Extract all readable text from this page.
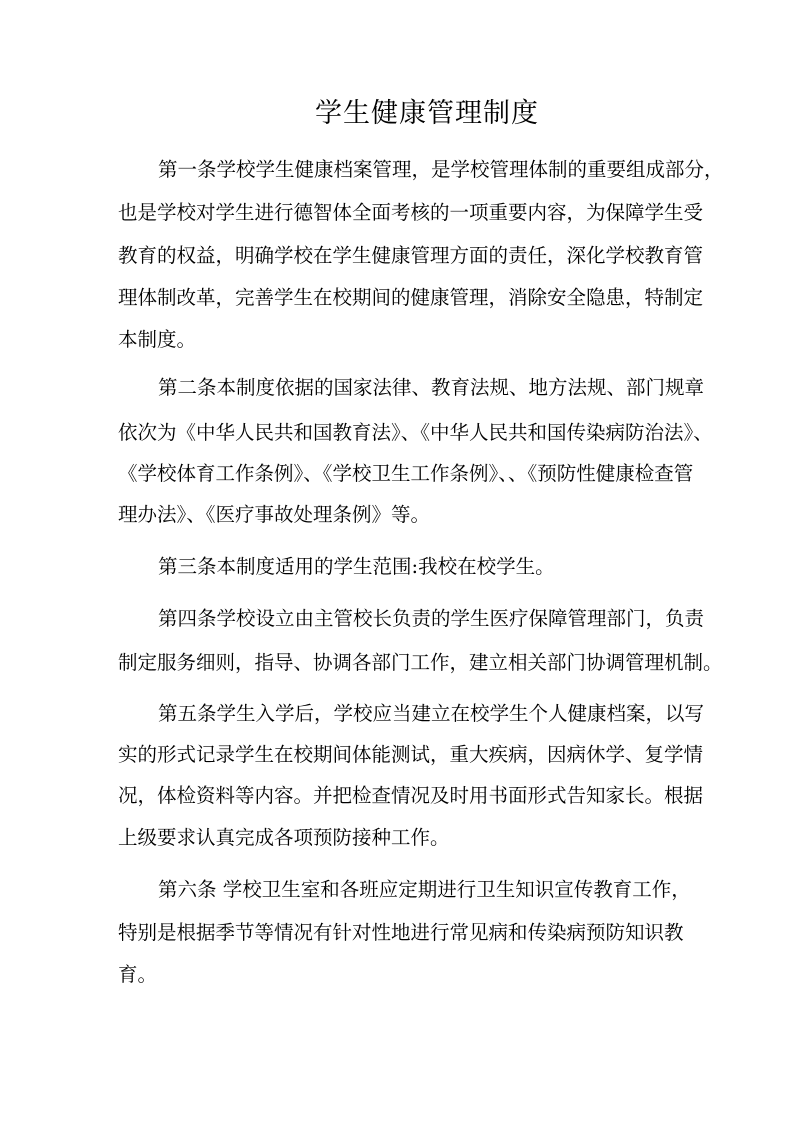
学生健康管理制度
第一条学校学生健康档案管理，是学校管理体制的重要组成部分，
也是学校对学生进行德智体全面考核的一项重要内容，为保障学生受
教育的权益，明确学校在学生健康管理方面的责任，深化学校教育管
理体制改革，完善学生在校期间的健康管理，消除安全隐患，特制定
本制度。
第二条本制度依据的国家法律、教育法规、地方法规、部门规章
依次为《中华人民共和国教育法》、《中华人民共和国传染病防治法》、
《学校体育工作条例》、《学校卫生工作条例》、、《预防性健康检查管
理办法》、《医疗事故处理条例》等。
第三条本制度适用的学生范围:我校在校学生。
第四条学校设立由主管校长负责的学生医疗保障管理部门，负责
制定服务细则，指导、协调各部门工作，建立相关部门协调管理机制。
第五条学生入学后，学校应当建立在校学生个人健康档案，以写
实的形式记录学生在校期间体能测试，重大疾病，因病休学、复学情
况，体检资料等内容。并把检查情况及时用书面形式告知家长。根据
上级要求认真完成各项预防接种工作。
第六条 学校卫生室和各班应定期进行卫生知识宣传教育工作，
特别是根据季节等情况有针对性地进行常见病和传染病预防知识教
育。
